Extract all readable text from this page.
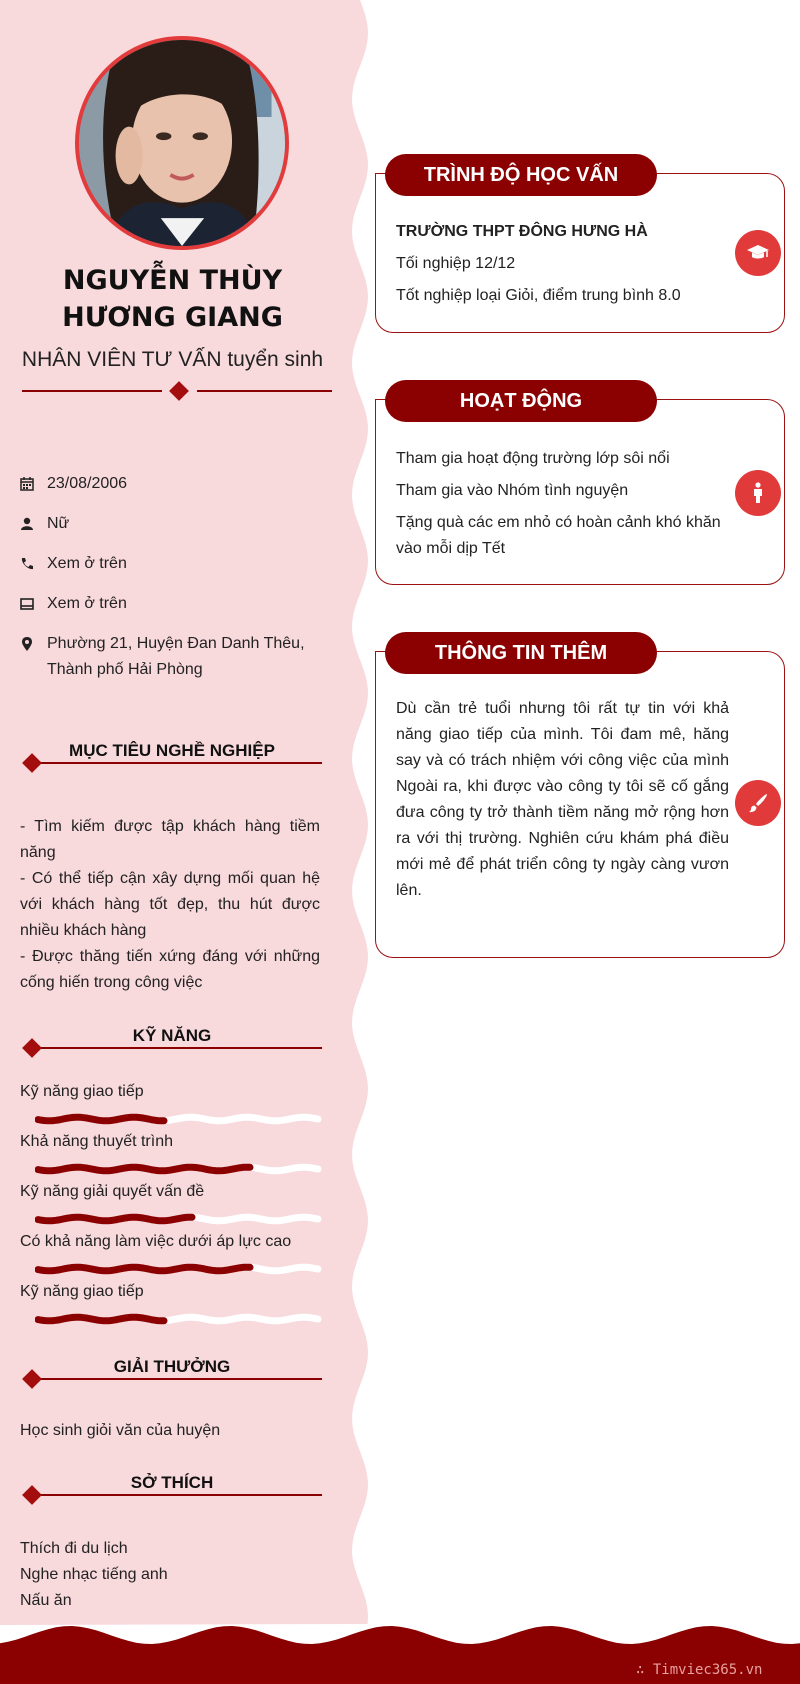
NGUYỄN THÙY
HƯƠNG GIANG
NHÂN VIÊN TƯ VẤN tuyển sinh
23/08/2006
Nữ
Xem ở trên
Xem ở trên
Phường 21, Huyện Đan Danh Thêu,
Thành phố Hải Phòng
MỤC TIÊU NGHỀ NGHIỆP

- Tìm kiếm được tập khách hàng tiềm năng

- Có thể tiếp cận xây dựng mối quan hệ với khách hàng tốt đẹp, thu hút được nhiều khách hàng

- Được thăng tiến xứng đáng với những cống hiến trong công việc

KỸ NĂNG
Kỹ năng giao tiếp
Khả năng thuyết trình
Kỹ năng giải quyết vấn đề
Có khả năng làm việc dưới áp lực cao
Kỹ năng giao tiếp
GIẢI THƯỞNG
Học sinh giỏi văn của huyện
SỞ THÍCH
Thích đi du lịch
Nghe nhạc tiếng anh
Nấu ăn
TRƯỜNG THPT ĐÔNG HƯNG HÀ
Tối nghiệp 12/12
Tốt nghiệp loại Giỏi, điểm trung bình 8.0
TRÌNH ĐỘ HỌC VẤN
Tham gia hoạt động trường lớp sôi nổi
Tham gia vào Nhóm tình nguyện
Tặng quà các em nhỏ có hoàn cảnh khó khăn vào mỗi dịp Tết
HOẠT ĐỘNG
Dù cần trẻ tuổi nhưng tôi rất tự tin với khả năng giao tiếp của mình. Tôi đam mê, hăng say và có trách nhiệm với công việc của mình Ngoài ra, khi được vào công ty tôi sẽ cố gắng đưa công ty trở thành tiềm năng mở rộng hơn ra với thị trường. Nghiên cứu khám phá điều mới mẻ để phát triển công ty ngày càng vươn lên.
THÔNG TIN THÊM
∴ Timviec365.vn
